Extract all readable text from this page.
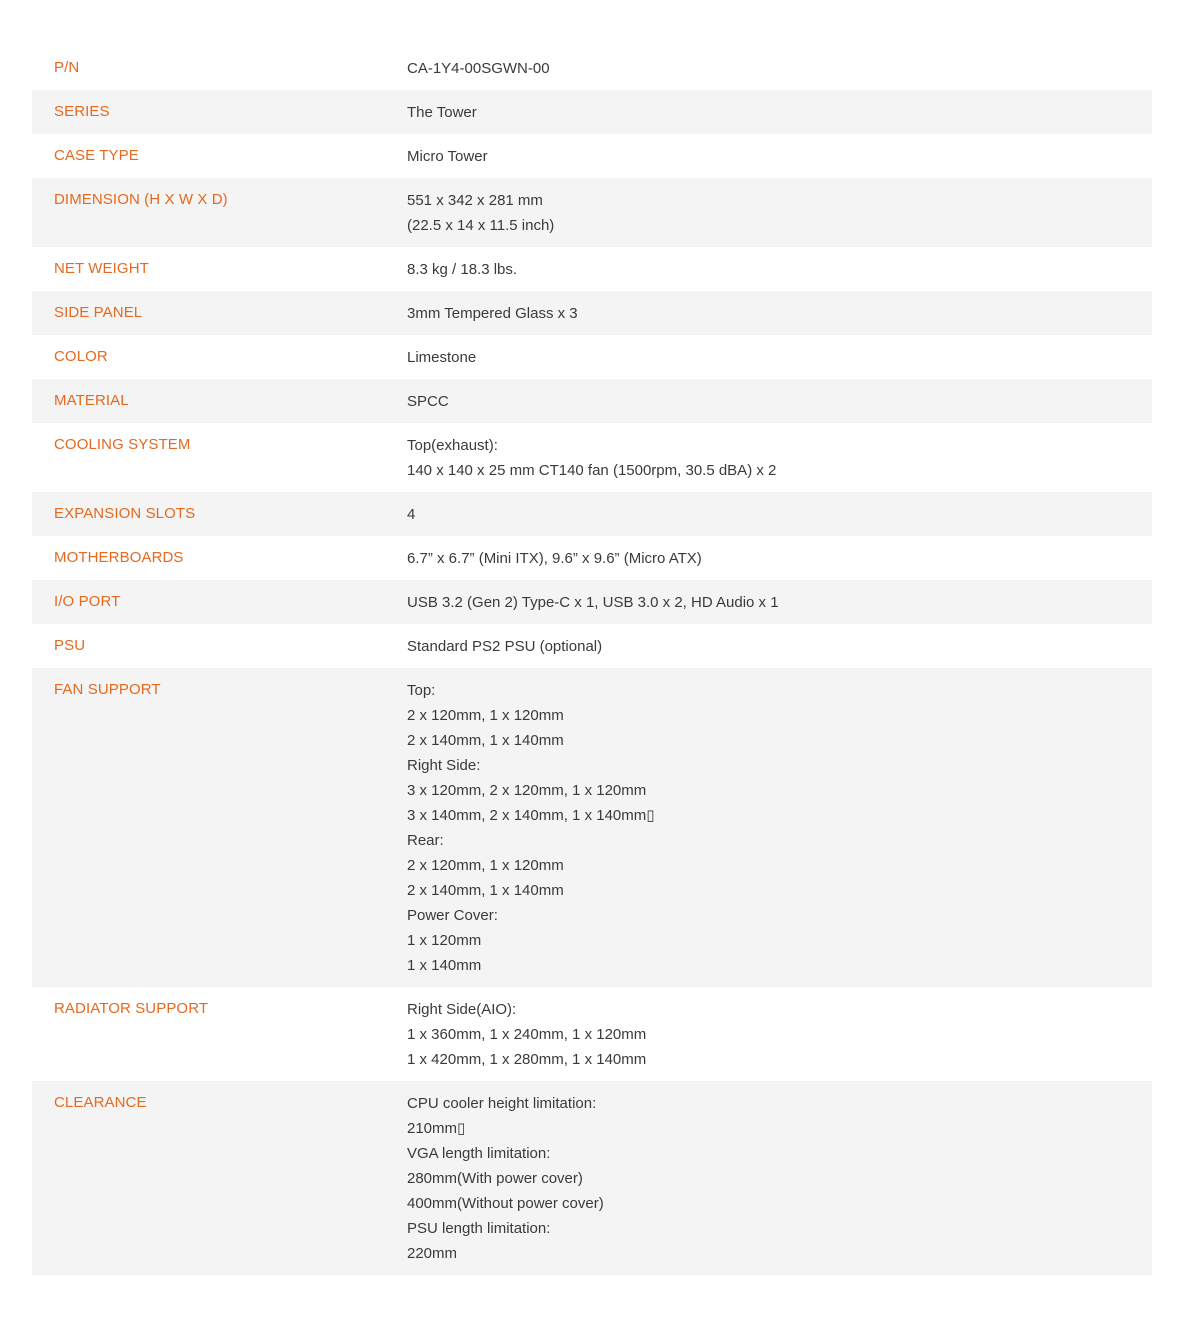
P/N	CA-1Y4-00SGWN-00
SERIES	The Tower
CASE TYPE	Micro Tower
DIMENSION (H X W X D)	551 x 342 x 281 mm
(22.5 x 14 x 11.5 inch)
NET WEIGHT	8.3 kg / 18.3 lbs.
SIDE PANEL	3mm Tempered Glass x 3
COLOR	Limestone
MATERIAL	SPCC
COOLING SYSTEM	Top(exhaust):
140 x 140 x 25 mm CT140 fan (1500rpm, 30.5 dBA) x 2
EXPANSION SLOTS	4
MOTHERBOARDS	6.7” x 6.7” (Mini ITX), 9.6” x 9.6” (Micro ATX)
I/O PORT	USB 3.2 (Gen 2) Type-C x 1, USB 3.0 x 2, HD Audio x 1
PSU	Standard PS2 PSU (optional)
FAN SUPPORT	Top:
2 x 120mm, 1 x 120mm
2 x 140mm, 1 x 140mm
Right Side:
3 x 120mm, 2 x 120mm, 1 x 120mm
3 x 140mm, 2 x 140mm, 1 x 140mm▯
Rear:
2 x 120mm, 1 x 120mm
2 x 140mm, 1 x 140mm
Power Cover:
1 x 120mm
1 x 140mm
RADIATOR SUPPORT	Right Side(AIO):
1 x 360mm, 1 x 240mm, 1 x 120mm
1 x 420mm, 1 x 280mm, 1 x 140mm
CLEARANCE	CPU cooler height limitation:
210mm▯
VGA length limitation:
280mm(With power cover)
400mm(Without power cover)
PSU length limitation:
220mm
